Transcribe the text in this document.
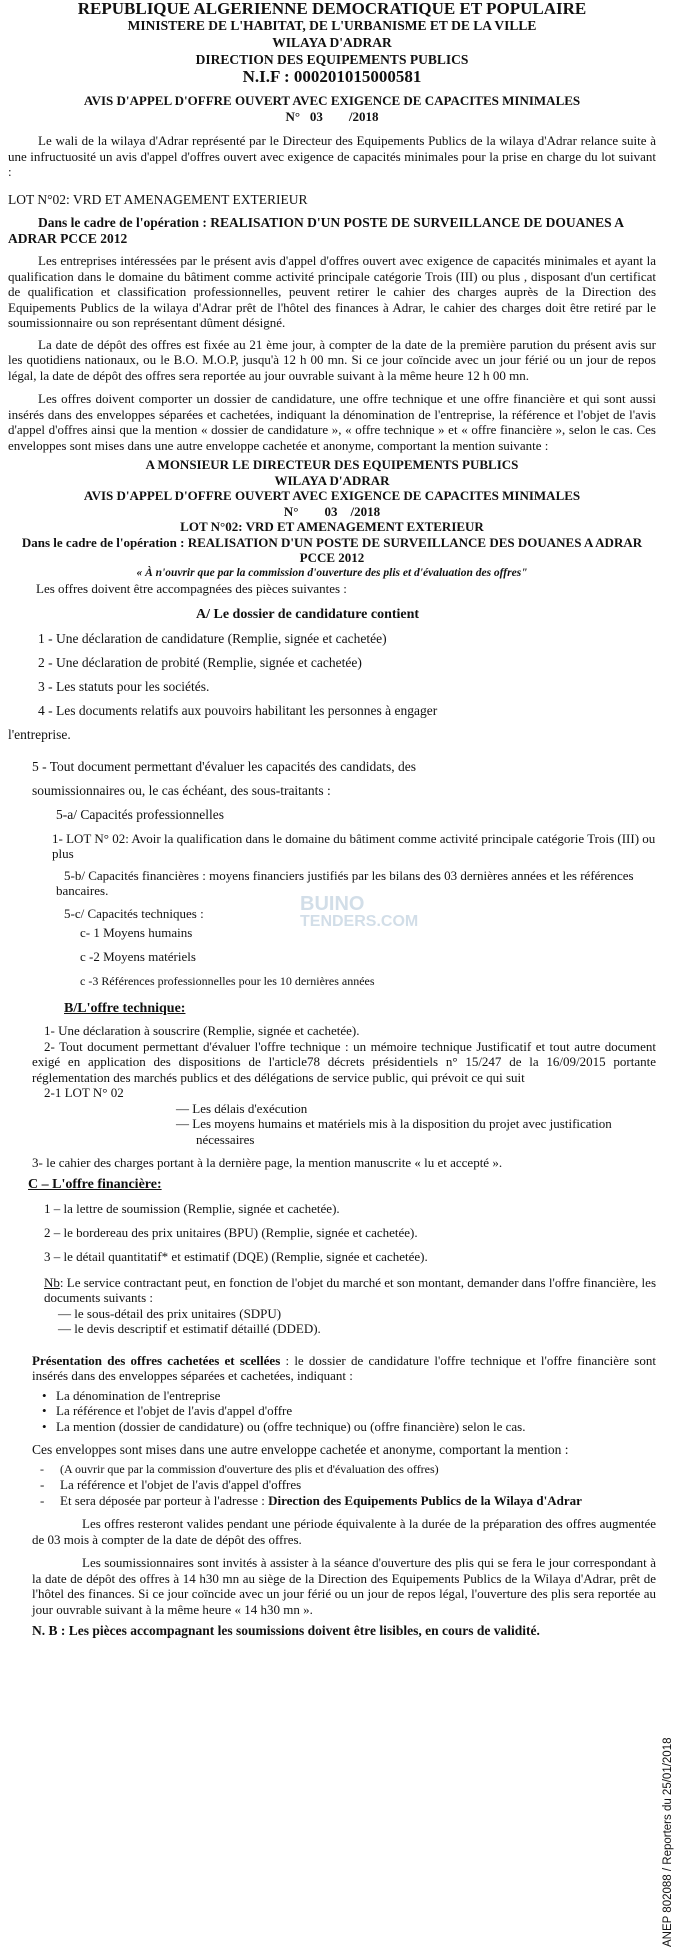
REPUBLIQUE ALGERIENNE DEMOCRATIQUE ET POPULAIRE
MINISTERE DE L'HABITAT, DE L'URBANISME ET DE LA VILLE
WILAYA D'ADRAR
DIRECTION DES EQUIPEMENTS PUBLICS
N.I.F : 000201015000581
AVIS D'APPEL D'OFFRE OUVERT AVEC EXIGENCE DE CAPACITES MINIMALES
N°   03        /2018

Le wali de la wilaya d'Adrar représenté par le Directeur des Equipements Publics de la wilaya d'Adrar relance suite à une infructuosité un avis d'appel d'offres ouvert avec exigence de capacités minimales pour la prise en charge du lot suivant :

LOT N°02: VRD ET AMENAGEMENT EXTERIEUR

Dans le cadre de l'opération : REALISATION D'UN POSTE DE SURVEILLANCE DE DOUANES A ADRAR PCCE 2012

Les entreprises intéressées par le présent avis d'appel d'offres ouvert avec exigence de capacités minimales et ayant la qualification dans le domaine du bâtiment comme activité principale catégorie Trois (III) ou plus , disposant d'un certificat de qualification et classification professionnelles, peuvent retirer le cahier des charges auprès de la Direction des Equipements Publics de la wilaya d'Adrar prêt de l'hôtel des finances à Adrar, le cahier des charges doit être retiré par le soumissionnaire ou son représentant dûment désigné.

La date de dépôt des offres est fixée au 21 ème jour, à compter de la date de la première parution du présent avis sur les quotidiens nationaux, ou le B.O. M.O.P, jusqu'à 12 h 00 mn. Si ce jour coïncide avec un jour férié ou un jour de repos légal, la date de dépôt des offres sera reportée au jour ouvrable suivant à la même heure 12 h 00 mn.

Les offres doivent comporter un dossier de candidature, une offre technique et une offre financière et qui sont aussi insérés dans des enveloppes séparées et cachetées, indiquant la dénomination de l'entreprise, la référence et l'objet de l'avis d'appel d'offres ainsi que la mention « dossier de candidature », « offre technique » et « offre financière », selon le cas. Ces enveloppes sont mises dans une autre enveloppe cachetée et anonyme, comportant la mention suivante :

A MONSIEUR LE DIRECTEUR DES EQUIPEMENTS PUBLICS
WILAYA D'ADRAR
AVIS D'APPEL D'OFFRE OUVERT AVEC EXIGENCE DE CAPACITES MINIMALES
N°        03    /2018
LOT N°02: VRD ET AMENAGEMENT EXTERIEUR
Dans le cadre de l'opération : REALISATION D'UN POSTE DE SURVEILLANCE DES DOUANES A ADRAR PCCE 2012
« À n'ouvrir que par la commission d'ouverture des plis et d'évaluation des offres"

Les offres doivent être accompagnées des pièces suivantes :

A/ Le dossier de candidature contient

1 - Une déclaration de candidature (Remplie, signée et cachetée)
2 - Une déclaration de probité (Remplie, signée et cachetée)
3 - Les statuts pour les sociétés.
4 - Les documents relatifs aux pouvoirs habilitant les personnes à engager

l'entreprise.

5 - Tout document permettant d'évaluer les capacités des candidats, des

soumissionnaires ou, le cas échéant, des sous-traitants :

5-a/ Capacités professionnelles

1- LOT N° 02: Avoir la qualification dans le domaine du bâtiment comme activité principale catégorie Trois (III) ou plus

5-b/ Capacités financières : moyens financiers justifiés par les bilans des 03 dernières années et les références bancaires.

5-c/ Capacités techniques :

c- 1 Moyens humains
c -2 Moyens matériels
c -3 Références professionnelles pour les 10 dernières années

B/L'offre technique:

1- Une déclaration à souscrire (Remplie, signée et cachetée).

2- Tout document permettant d'évaluer l'offre technique : un mémoire technique Justificatif et tout autre document exigé en application des dispositions de l'article78 décrets présidentiels n° 15/247 de la 16/09/2015 portante réglementation des marchés publics et des délégations de service public, qui prévoit ce qui suit

2-1 LOT N° 02

— Les délais d'exécution

— Les moyens humains et matériels mis à la disposition du projet avec justification nécessaires

3- le cahier des charges portant à la dernière page, la mention manuscrite « lu et accepté ».

C – L'offre financière:

1 – la lettre de soumission (Remplie, signée et cachetée).
2 – le bordereau des prix unitaires (BPU) (Remplie, signée et cachetée).
3 – le détail quantitatif* et estimatif (DQE) (Remplie, signée et cachetée).

Nb: Le service contractant peut, en fonction de l'objet du marché et son montant, demander dans l'offre financière, les documents suivants :

— le sous-détail des prix unitaires (SDPU)

— le devis descriptif et estimatif détaillé (DDED).

Présentation des offres cachetées et scellées : le dossier de candidature l'offre technique et l'offre financière sont insérés dans des enveloppes séparées et cachetées, indiquant :

• La dénomination de l'entreprise

• La référence et l'objet de l'avis d'appel d'offre

• La mention (dossier de candidature) ou (offre technique) ou (offre financière) selon le cas.

Ces enveloppes sont mises dans une autre enveloppe cachetée et anonyme, comportant la mention :

- (A ouvrir que par la commission d'ouverture des plis et d'évaluation des offres)

- La référence et l'objet de l'avis d'appel d'offres

- Et sera déposée par porteur à l'adresse : Direction des Equipements Publics de la Wilaya d'Adrar

Les offres resteront valides pendant une période équivalente à la durée de la préparation des offres augmentée de 03 mois à compter de la date de dépôt des offres.

Les soumissionnaires sont invités à assister à la séance d'ouverture des plis qui se fera le jour correspondant à la date de dépôt des offres à 14 h30 mn au siège de la Direction des Equipements Publics de la Wilaya d'Adrar, prêt de l'hôtel des finances. Si ce jour coïncide avec un jour férié ou un jour de repos légal, l'ouverture des plis sera reportée au jour ouvrable suivant à la même heure « 14 h30 mn ».

N. B : Les pièces accompagnant les soumissions doivent être lisibles, en cours de validité.

BUINO
TENDERS.COM
ANEP 802088 / Reporters du 25/01/2018
